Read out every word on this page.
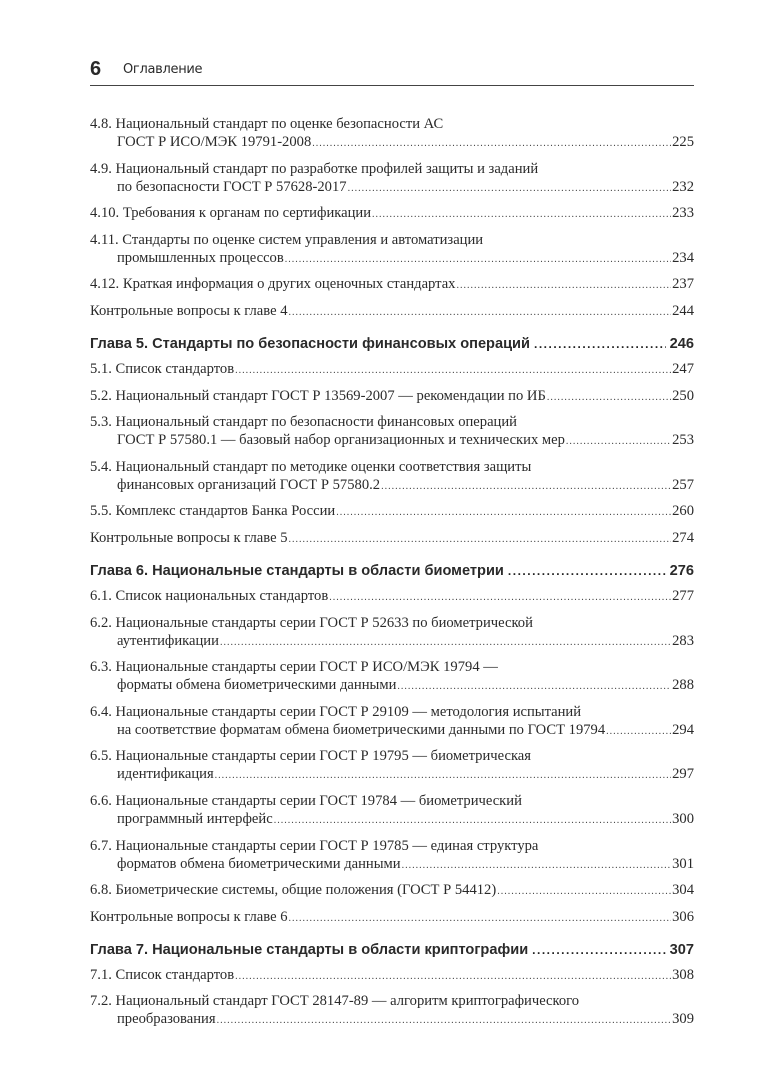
6 Оглавление
4.8. Национальный стандарт по оценке безопасности АС
ГОСТ Р ИСО/МЭК 19791-2008 .....	225
4.9. Национальный стандарт по разработке профилей защиты и заданий
по безопасности ГОСТ Р 57628-2017 .....	232
4.10. Требования к органам по сертификации .....	233
4.11. Стандарты по оценке систем управления и автоматизации
промышленных процессов .....	234
4.12. Краткая информация о других оценочных стандартах .....	237
Контрольные вопросы к главе 4 .....	244
Глава 5. Стандарты по безопасности финансовых операций .....	246
5.1. Список стандартов .....	247
5.2. Национальный стандарт ГОСТ Р 13569-2007 — рекомендации по ИБ .....	250
5.3. Национальный стандарт по безопасности финансовых операций
ГОСТ Р 57580.1 — базовый набор организационных и технических мер .....	253
5.4. Национальный стандарт по методике оценки соответствия защиты
финансовых организаций ГОСТ Р 57580.2 .....	257
5.5. Комплекс стандартов Банка России .....	260
Контрольные вопросы к главе 5 .....	274
Глава 6. Национальные стандарты в области биометрии .....	276
6.1. Список национальных стандартов .....	277
6.2. Национальные стандарты серии ГОСТ Р 52633 по биометрической
аутентификации .....	283
6.3. Национальные стандарты серии ГОСТ Р ИСО/МЭК 19794 —
форматы обмена биометрическими данными .....	288
6.4. Национальные стандарты серии ГОСТ Р 29109 — методология испытаний
на соответствие форматам обмена биометрическими данными по ГОСТ 19794 .....	294
6.5. Национальные стандарты серии ГОСТ Р 19795 — биометрическая
идентификация .....	297
6.6. Национальные стандарты серии ГОСТ 19784 — биометрический
программный интерфейс .....	300
6.7. Национальные стандарты серии ГОСТ Р 19785 — единая структура
форматов обмена биометрическими данными .....	301
6.8. Биометрические системы, общие положения (ГОСТ Р 54412) .....	304
Контрольные вопросы к главе 6 .....	306
Глава 7. Национальные стандарты в области криптографии .....	307
7.1. Список стандартов .....	308
7.2. Национальный стандарт ГОСТ 28147-89 — алгоритм криптографического
преобразования .....	309
